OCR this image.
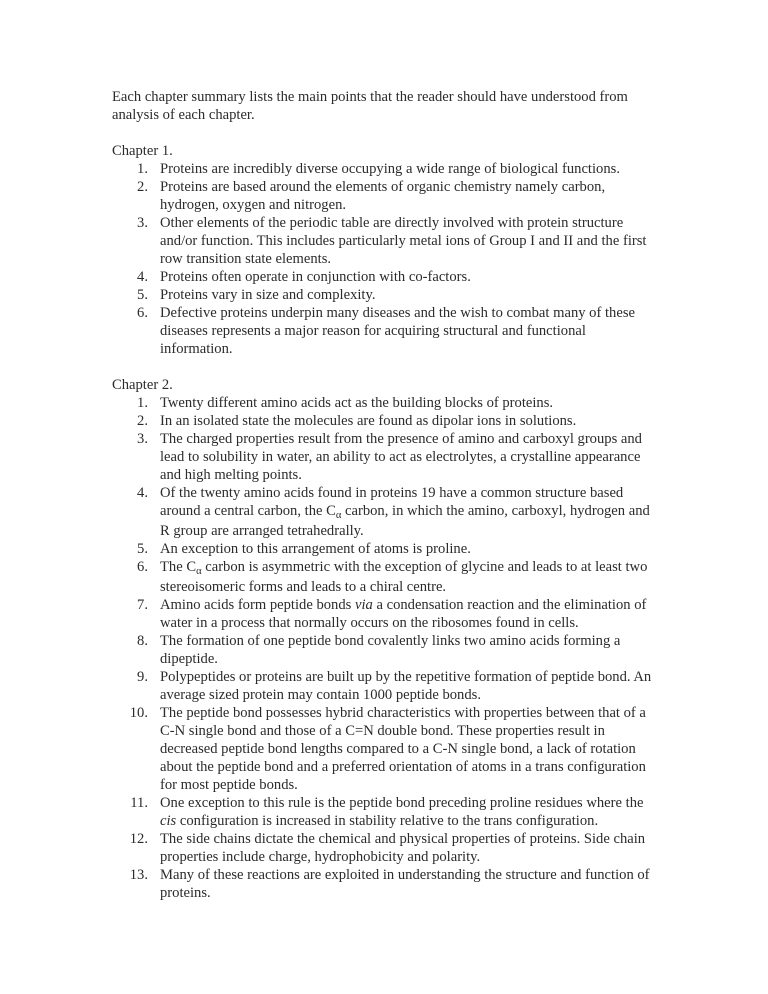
Each chapter summary lists the main points that the reader should have understood from analysis of each chapter.

Chapter 1.
1. Proteins are incredibly diverse occupying a wide range of biological functions.
2. Proteins are based around the elements of organic chemistry namely carbon, hydrogen, oxygen and nitrogen.
3. Other elements of the periodic table are directly involved with protein structure and/or function. This includes particularly metal ions of Group I and II and the first row transition state elements.
4. Proteins often operate in conjunction with co-factors.
5. Proteins vary in size and complexity.
6. Defective proteins underpin many diseases and the wish to combat many of these diseases represents a major reason for acquiring structural and functional information.
Chapter 2.
1. Twenty different amino acids act as the building blocks of proteins.
2. In an isolated state the molecules are found as dipolar ions in solutions.
3. The charged properties result from the presence of amino and carboxyl groups and lead to solubility in water, an ability to act as electrolytes, a crystalline appearance and high melting points.
4. Of the twenty amino acids found in proteins 19 have a common structure based around a central carbon, the $C_\alpha$ carbon, in which the amino, carboxyl, hydrogen and R group are arranged tetrahedrally.
5. An exception to this arrangement of atoms is proline.
6. The $C_\alpha$ carbon is asymmetric with the exception of glycine and leads to at least two stereoisomeric forms and leads to a chiral centre.
7. Amino acids form peptide bonds via a condensation reaction and the elimination of water in a process that normally occurs on the ribosomes found in cells.
8. The formation of one peptide bond covalently links two amino acids forming a dipeptide.
9. Polypeptides or proteins are built up by the repetitive formation of peptide bond. An average sized protein may contain 1000 peptide bonds.
10. The peptide bond possesses hybrid characteristics with properties between that of a C-N single bond and those of a C=N double bond. These properties result in decreased peptide bond lengths compared to a C-N single bond, a lack of rotation about the peptide bond and a preferred orientation of atoms in a trans configuration for most peptide bonds.
11. One exception to this rule is the peptide bond preceding proline residues where the cis configuration is increased in stability relative to the trans configuration.
12. The side chains dictate the chemical and physical properties of proteins. Side chain properties include charge, hydrophobicity and polarity.
13. Many of these reactions are exploited in understanding the structure and function of proteins.
